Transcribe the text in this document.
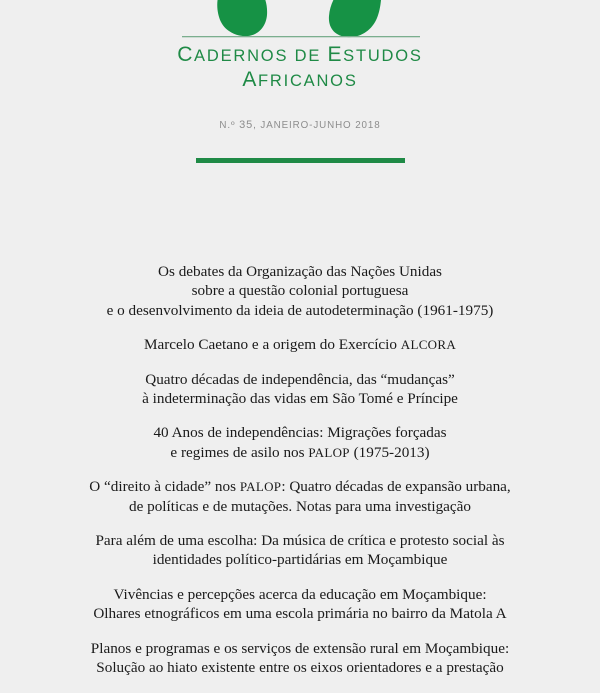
CADERNOS DE ESTUDOS
AFRICANOS
N.º 35, JANEIRO-JUNHO 2018
Os debates da Organização das Nações Unidas
sobre a questão colonial portuguesa
e o desenvolvimento da ideia de autodeterminação (1961-1975)
Marcelo Caetano e a origem do Exercício ALCORA
Quatro décadas de independência, das “mudanças”
à indeterminação das vidas em São Tomé e Príncipe
40 Anos de independências: Migrações forçadas
e regimes de asilo nos PALOP (1975-2013)
O “direito à cidade” nos PALOP: Quatro décadas de expansão urbana,
de políticas e de mutações. Notas para uma investigação
Para além de uma escolha: Da música de crítica e protesto social às
identidades político-partidárias em Moçambique
Vivências e percepções acerca da educação em Moçambique:
Olhares etnográficos em uma escola primária no bairro da Matola A
Planos e programas e os serviços de extensão rural em Moçambique:
Solução ao hiato existente entre os eixos orientadores e a prestação
